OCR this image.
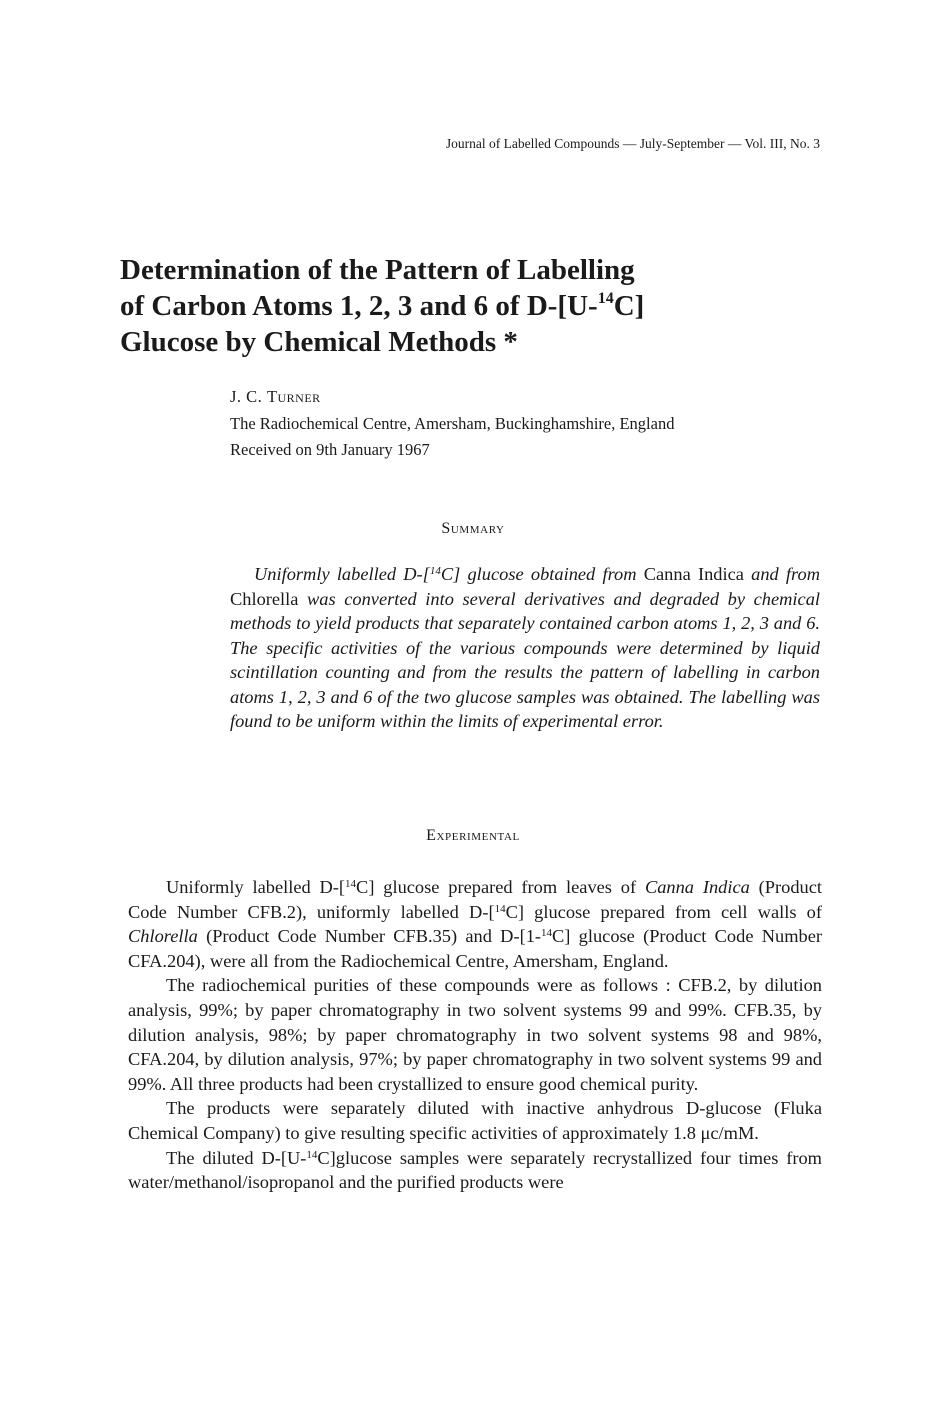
Journal of Labelled Compounds — July-September — Vol. III, No. 3
Determination of the Pattern of Labelling
of Carbon Atoms 1, 2, 3 and 6 of D-[U-$^{14}$C]
Glucose by Chemical Methods *
J. C. Turner
The Radiochemical Centre, Amersham, Buckinghamshire, England
Received on 9th January 1967
Summary

Uniformly labelled D-[$^{14}$C] glucose obtained from Canna Indica and from Chlorella was converted into several derivatives and degraded by chemical methods to yield products that separately contained carbon atoms 1, 2, 3 and 6. The specific activities of the various compounds were determined by liquid scintillation counting and from the results the pattern of labelling in carbon atoms 1, 2, 3 and 6 of the two glucose samples was obtained. The labelling was found to be uniform within the limits of experimental error.

Experimental

Uniformly labelled D-[$^{14}$C] glucose prepared from leaves of Canna Indica (Product Code Number CFB.2), uniformly labelled D-[$^{14}$C] glucose prepared from cell walls of Chlorella (Product Code Number CFB.35) and D-[1-$^{14}$C] glucose (Product Code Number CFA.204), were all from the Radiochemical Centre, Amersham, England.

The radiochemical purities of these compounds were as follows : CFB.2, by dilution analysis, 99%; by paper chromatography in two solvent systems 99 and 99%. CFB.35, by dilution analysis, 98%; by paper chromatography in two solvent systems 98 and 98%, CFA.204, by dilution analysis, 97%; by paper chromatography in two solvent systems 99 and 99%. All three products had been crystallized to ensure good chemical purity.

The products were separately diluted with inactive anhydrous D-glucose (Fluka Chemical Company) to give resulting specific activities of approximately 1.8 μc/mM.

The diluted D-[U-$^{14}$C]glucose samples were separately recrystallized four times from water/methanol/isopropanol and the purified products were
